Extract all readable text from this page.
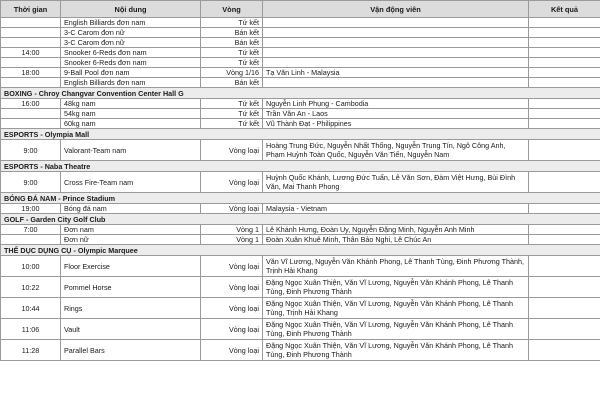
Thời gian	Nội dung	Vòng	Vận động viên	Kết quả
	English Billiards đơn nam	Tứ kết		
	3-C Carom đơn nữ	Bán kết		
	3-C Carom đơn nữ	Bán kết		
14:00	Snooker 6-Reds đơn nam	Tứ kết		
	Snooker 6-Reds đơn nam	Tứ kết		
18:00	9-Ball Pool đơn nam	Vòng 1/16	Tạ Văn Linh - Malaysia	
	English Billiards đơn nam	Bán kết		
BOXING - Chroy Changvar Convention Center Hall G				
16:00	48kg nam	Tứ kết	Nguyễn Linh Phụng - Cambodia	
	54kg nam	Tứ kết	Trần Văn An - Laos	
	60kg nam	Tứ kết	Vũ Thành Đạt - Philippines	
ESPORTS - Olympia Mall				
9:00	Valorant-Team nam	Vòng loại	Hoàng Trung Đức, Nguyễn Nhất Thống, Nguyễn Trung Tín, Ngô Công Anh, Phạm Huỳnh Toàn Quốc, Nguyễn Văn Tiến, Nguyễn Nam	
ESPORTS - Naba Theatre				
9:00	Cross Fire-Team nam	Vòng loại	Huỳnh Quốc Khánh, Lương Đức Tuấn, Lê Văn Sơn, Đàm Việt Hưng, Bùi Đình Văn, Mai Thanh Phong	
BÓNG ĐÁ NAM - Prince Stadium				
19:00	Bóng đá nam	Vòng loại	Malaysia - Vietnam	
GOLF - Garden City Golf Club				
7:00	Đơn nam	Vòng 1	Lê Khánh Hưng, Đoàn Uy, Nguyễn Đặng Minh, Nguyễn Anh Minh	
	Đơn nữ	Vòng 1	Đoàn Xuân Khuê Minh, Thân Bảo Nghi, Lê Chúc An	
THỂ DỤC DỤNG CỤ - Olympic Marquee				
10:00	Floor Exercise	Vòng loại	Văn Vĩ Lương, Nguyễn Văn Khánh Phong, Lê Thanh Tùng, Đinh Phương Thành, Trịnh Hải Khang	
10:22	Pommel Horse	Vòng loại	Đặng Ngọc Xuân Thiện, Văn Vĩ Lương, Nguyễn Văn Khánh Phong, Lê Thanh Tùng, Đinh Phương Thành	
10:44	Rings	Vòng loại	Đặng Ngọc Xuân Thiện, Văn Vĩ Lương, Nguyễn Văn Khánh Phong, Lê Thanh Tùng, Trịnh Hải Khang	
11:06	Vault	Vòng loại	Đặng Ngọc Xuân Thiện, Văn Vĩ Lương, Nguyễn Văn Khánh Phong, Lê Thanh Tùng, Đinh Phương Thành	
11:28	Parallel Bars	Vòng loại	Đặng Ngọc Xuân Thiện, Văn Vĩ Lương, Nguyễn Văn Khánh Phong, Lê Thanh Tùng, Đinh Phương Thành	
